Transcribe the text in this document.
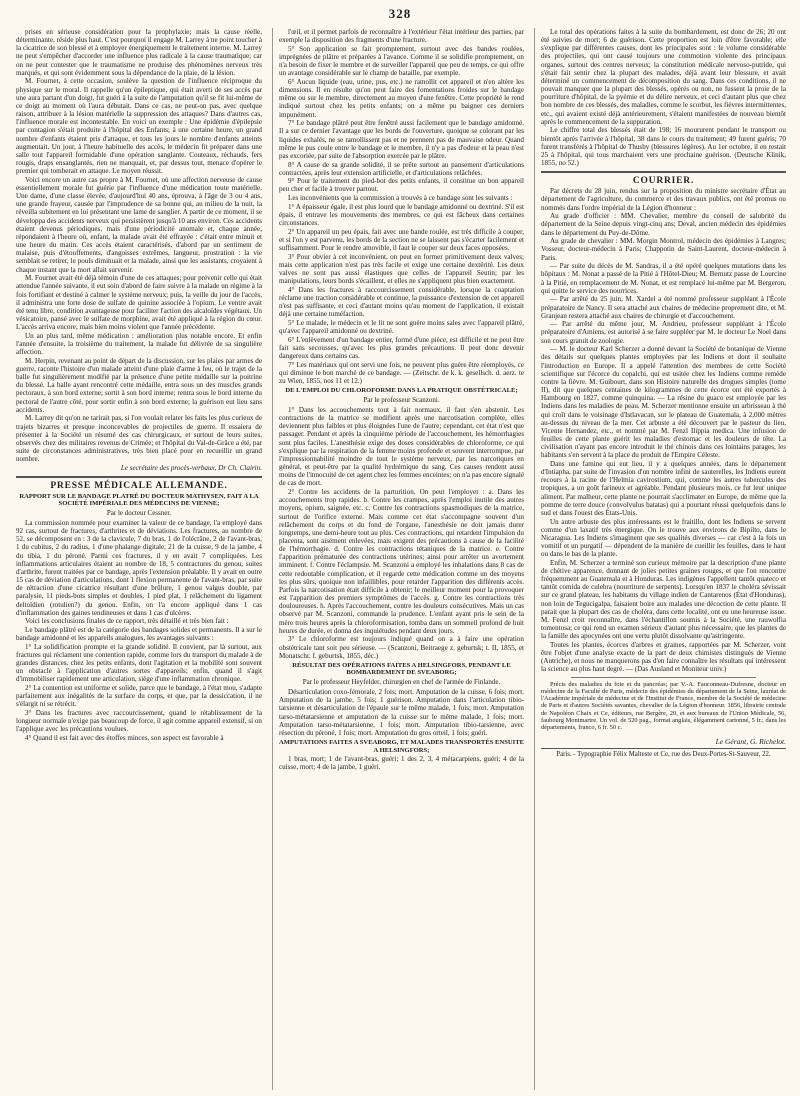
328

prises en sérieuse considération pour la prophylaxie; mais la cause réelle, déterminante, réside plus haut. C'est pourquoi il engage M. Larrey à ne point toucher à la cicatrice de son blessé et à employer énergiquement le traitement interne. M. Larrey ne peut s'empêcher d'accorder une influence plus radicale à la cause traumatique; car on ne peut contester que le traumatisme ne produise des phénomènes nerveux très marqués, et qui sont évidemment sous la dépendance de la plaie, de la lésion.

M. Fournet, à cette occasion, soulève la question de l'influence réciproque du physique sur le moral. Il rappelle qu'un épileptique, qui était averti de ses accès par une aura partant d'un doigt, fut guéri à la suite de l'amputation qu'il se fit lui-même de ce doigt au moment où l'aura débutait. Dans ce cas, ne peut-on pas, avec quelque raison, attribuer à la lésion matérielle la suppression des attaques? Dans d'autres cas, l'influence morale est incontestable. En voici un exemple : Une épidémie d'épilepsie par contagion s'était produite à l'hôpital des Enfants; à une certaine heure, un grand nombre d'enfants étaient pris d'attaque, et tous les jours le nombre d'enfants atteints augmentait. Un jour, à l'heure habituelle des accès, le médecin fit préparer dans une salle tout l'appareil formidable d'une opération sanglante. Couteaux, réchauds, fers rougis, draps ensanglantés, rien ne manquait, et, par dessus tout, menace d'opérer le premier qui tomberait en attaque. Le moyen réussit.

Voici encore un autre cas propre à M. Fournet, où une affection nerveuse de cause essentiellement morale fut guérie par l'influence d'une médication toute matérielle. Une dame, d'une classe élevée, d'aujourd'hui 40 ans, éprouva, à l'âge de 3 ou 4 ans, une grande frayeur, causée par l'imprudence de sa bonne qui, au milieu de la nuit, la réveilla subitement en lui présentant une lame de sanglier. A partir de ce moment, il se développa des accidents nerveux qui persistèrent jusqu'à 10 ans environ. Ces accidents étaient devenus périodiques, mais d'une périodicité anomale et, chaque année, répondaient à l'heure où, enfant, la malade avait été effrayée : c'était entre minuit et une heure du matin. Ces accès étaient caractérisés, d'abord par un sentiment de malaise, puis d'étouffements, d'angoisses extrêmes, langueur, prostration : la vie semblait se retirer, le pouls diminuait et la malade, ainsi que les assistants, croyaient à chaque instant que la mort allait survenir.

M. Fournet avait été déjà témoin d'une de ces attaques; pour prévenir celle qui était attendue l'année suivante, il eut soin d'abord de faire suivre à la malade un régime à la fois fortifiant et destiné à calmer le système nerveux; puis, la veille du jour de l'accès, il administra une forte dose de sulfate de quinine associée à l'opium. Le ventre avait été tenu libre, condition avantageuse pour faciliter l'action des alcaloïdes végétaux. Un vésicatoire, pansé avec le sulfate de morphine, avait été appliqué à la région du cœur. L'accès arriva encore, mais bien moins violent que l'année précédente.

Un an plus tard, même médication : amélioration plus notable encore. Et enfin l'année d'ensuite, la troisième du traitement, la malade fut délivrée de sa singulière affection.

M. Herpin, revenant au point de départ de la discussion, sur les plaies par armes de guerre, raconte l'histoire d'un malade atteint d'une plaie d'arme à feu, où le trajet de la balle fut singulièrement modifié par la présence d'une petite médaille sur la poitrine du blessé. La balle ayant rencontré cette médaille, entra sous un des muscles grands pectoraux, à son bord externe; sortit à son bord interne; rentra sous le bord interne du pectoral de l'autre côté, pour sortir enfin à son bord externe; la guérison eut lieu sans accidents.

M. Larrey dit qu'on ne tarirait pas, si l'on voulait relater les faits les plus curieux de trajets bizarres et presque inconcevables de projectiles de guerre. Il essaiera de présenter à la Société un résumé des cas chirurgicaux, et surtout de leurs suites, observés chez des militaires revenus de Crimée; et l'hôpital du Val-de-Grâce a été, par suite de circonstances administratives, très bien placé pour en recueillir un grand nombre.

Le secrétaire des procès-verbaux, Dr Ch. Clairin.

PRESSE MÉDICALE ALLEMANDE.
RAPPORT SUR LE BANDAGE PLATRÉ DU DOCTEUR MATHYSEN, FAIT A LA SOCIÉTÉ IMPÉRIALE DES MÉDECINS DE VIENNE;
Par le docteur Cessner.

La commission nommée pour examiner la valeur de ce bandage, l'a employé dans 92 cas, surtout de fractures, d'arthrites et de déviations. Les fractures, au nombre de 52, se décomposent en : 3 de la clavicule, 7 du bras, 1 de l'olécrâne, 2 de l'avant-bras, 1 du cubitus, 2 du radius, 1 d'une phalange digitale, 21 de la cuisse, 9 de la jambe, 4 du tibia, 1 du péroné. Parmi ces fractures, il y en avait 7 compliquées. Les inflammations articulaires étaient au nombre de 18, 5 contractures du genou, suites d'arthrite, furent traitées par ce bandage, après l'extension préalable. Il y avait en outre 15 cas de déviation d'articulations, dont 1 flexion permanente de l'avant-bras, par suite de rétraction d'une cicatrice résultant d'une brûlure, 1 genou valgus double, par paralysie, 11 pieds-bots simples et doubles, 1 pied plat, 1 relâchement du ligament deltoïdien (rotulien?) du genou. Enfin, on l'a encore appliqué dans 1 cas d'inflammation des gaines tendineuses et dans 1 cas d'ulcères.

Voici les conclusions finales de ce rapport, très détaillé et très bien fait :

Le bandage plâtré est de la catégorie des bandages solides et permanents. Il a sur le bandage amidonné et les appareils analogues, les avantages suivants :

1° La solidification prompte et la grande solidité. Il convient, par là surtout, aux fractures qui réclament une contention rapide, comme lors du transport du malade à de grandes distances, chez les petits enfants, dont l'agitation et la mobilité sont souvent un obstacle à l'application d'autres sortes d'appareils; enfin, quand il s'agit d'immobiliser rapidement une articulation, siège d'une inflammation chronique.

2° La contention est uniforme et solide, parce que le bandage, à l'état mou, s'adapte parfaitement aux inégalités de la surface du corps, et que, par la dessiccation, il ne s'élargit ni se rétrécit.

3° Dans les fractures avec raccourcissement, quand le rétablissement de la longueur normale n'exige pas beaucoup de force, il agit comme appareil extensif, si on l'applique avec les précautions voulues.

4° Quand il est fait avec des étoffes minces, son aspect est favorable à

l'œil, et il permet parfois de reconnaître à l'extérieur l'état intérieur des parties, par exemple la disposition des fragments d'une fracture.

5° Son application se fait promptement, surtout avec des bandes roulées, imprégnées de plâtre et préparées à l'avance. Comme il se solidifie promptement, on n'a besoin de fixer le membre et de surveiller l'appareil que peu de temps, ce qui offre un avantage considérable sur le champ de bataille, par exemple.

6° Aucun liquide (eau, urine, pus, etc.) ne ramollit cet appareil et n'en altère les dimensions. Il en résulte qu'on peut faire des fomentations froides sur le bandage même ou sur le membre, directement au moyen d'une fenêtre. Cette propriété le rend indiqué surtout chez les petits enfants; on a même pu baigner ces derniers impunément.

7° Le bandage plâtré peut être fenêtré aussi facilement que le bandage amidonné. Il a sur ce dernier l'avantage que les bords de l'ouverture, quoique se colorant par les liquides exhalés, ne se ramollissent pas et ne prennent pas de mauvaise odeur. Quand même le pus coule entre le bandage et le membre, il n'y a pas d'odeur et la peau n'est pas excoriée, par suite de l'absorption exercée par le plâtre.

8° A cause de sa grande solidité, il se prête surtout au pansement d'articulations contractées, après leur extension artificielle, et d'articulations relâchées.

9° Pour le traitement du pied-bot des petits enfants, il constitue un bon appareil peu cher et facile à trouver partout.

Les inconvénients que la commission a trouvés à ce bandage sont les suivants :

1° A épaisseur égale, il est plus lourd que le bandage amidonné ou dextriné. S'il est épais, il entrave les mouvements des membres, ce qui est fâcheux dans certaines circonstances.

2° Un appareil un peu épais, fait avec une bande roulée, est très difficile à couper, et si l'on y est parvenu, les bords de la section ne se laissent pas s'écarter facilement et suffisamment. Pour le rendre amovible, il faut le couper sur deux faces opposées.

3° Pour obvier à cet inconvénient, on peut en former primitivement deux valves; mais cette application n'est pas très facile et exige une certaine dextérité. Les deux valves ne sont pas aussi élastiques que celles de l'appareil Seutin; par les manipulations, leurs bords s'écaillent, et elles ne s'appliquent plus bien exactement.

4° Dans les fractures à raccourcissement considérable, lorsque la coaptation réclame une traction considérable et continue, la puissance d'extension de cet appareil n'est pas suffisante, et ceci d'autant moins qu'au moment de l'application, il existait déjà une certaine tuméfaction.

5° Le malade, le médecin et le lit ne sont guère moins sales avec l'appareil plâtré, qu'avec l'appareil amidonné ou dextriné.

6° L'enlèvement d'un bandage entier, formé d'une pièce, est difficile et ne peut être fait sans secousses, qu'avec les plus grandes précautions. Il peut donc devenir dangereux dans certains cas.

7° Les matériaux qui ont servi une fois, ne peuvent plus guère être réemployés, ce qui diminue le bon marché de ce bandage. — (Zeitschr. de k. k. gesellsch. d. aerz. te zu Wien, 1855, nos 11 et 12.)

DE L'EMPLOI DU CHLOROFORME DANS LA PRATIQUE OBSTÉTRICALE;
Par le professeur Scanzoni.

1° Dans les accouchements tout à fait normaux, il faut s'en abstenir. Les contractions de la matrice se modifient après une narcotisation complète, elles deviennent plus faibles et plus éloignées l'une de l'autre; cependant, cet état n'est que passager. Pendant et après la cinquième période de l'accouchement, les hémorrhagies sont plus faciles. L'anesthésie exige des doses considérables de chloroforme, ce qui s'explique par la respiration de la femme moins profonde et souvent interrompue, par l'impressionnabilité moindre de tout le système nerveux, par les narcotiques en général, et peut-être par la qualité hydrémique du sang. Ces causes rendent aussi moins de l'innocuité de cet agent chez les femmes enceintes; on n'a pas encore signalé de cas de mort.

2° Contre les accidents de la parturition. On peut l'employer : a. Dans les accouchements trop rapides. b. Contre les crampes, après l'emploi inutile des autres moyens, opium, saignée, etc. c. Contre les contractions spasmodiques de la matrice, surtout de l'orifice externe. Mais comme cet état s'accompagne souvent d'un relâchement du corps et du fond de l'organe, l'anesthésie ne doit jamais durer longtemps, une demi-heure tout au plus. Ces contractions, qui retardent l'impulsion du placenta, sont aisément enlevées, mais exigent des précautions à cause de la facilité de l'hémorrhagie. d. Contre les contractions tétaniques de la matrice. e. Contre l'apparition prématurée des contractions utérines; ainsi pour arrêter un avortement imminent. f. Contre l'éclampsie. M. Scanzoni a employé les inhalations dans 8 cas de cette redoutable complication, et il regarde cette médication comme un des moyens les plus sûrs, quoique non infaillibles, pour retarder l'apparition des différents accès. Parfois la narcotisation était difficile à obtenir; le meilleur moment pour la provoquer est l'apparition des premiers symptômes de l'accès. g. Contre les contractions très douloureuses. h. Après l'accouchement, contre les douleurs consécutives. Mais un cas observé par M. Scanzoni, commande la prudence. L'enfant ayant pris le sein de la mère trois heures après la chloroformisation, tomba dans un sommeil profond de huit heures de durée, et donna des inquiétudes pendant deux jours.

3° Le chloroforme est toujours indiqué quand on a à faire une opération obstétricale tant soit peu sérieuse. — (Scanzoni, Beitraege z. geburtsk; t. II, 1855, et Monatschr. f. geburtsk, 1855, déc.)

RÉSULTAT DES OPÉRATIONS FAITES A HELSINGFORS, PENDANT LE BOMBARDEMENT DE SVEABORG;
Par le professeur Heyfelder, chirurgien en chef de l'armée de Finlande.

Désarticulation coxo-fémorale, 2 fois; mort. Amputation de la cuisse, 6 fois; mort. Amputation de la jambe, 5 fois; 1 guérison. Amputation dans l'articulation tibio-tarsienne et désarticulation de l'épaule sur le même malade, 1 fois; mort. Amputation tarso-métatarsienne et amputation de la cuisse sur le même malade, 1 fois; mort. Amputation tarso-métatarsienne, 1 fois; mort. Amputation tibio-tarsienne, avec résection du péroné, 1 fois; mort. Amputation du gros orteil, 1 fois; guéri.

AMPUTATIONS FAITES A SVEABORG, ET MALADES TRANSPORTÉS ENSUITE A HELSINGFORS;

1 bras, mort; 1 de l'avant-bras, guéri; 1 des 2, 3, 4 métacarpiens, guéri; 4 de la cuisse, mort; 4 de la jambe, 1 guéri.

Le total des opérations faites à la suite du bombardement, est donc de 26; 20 ont été suivies de mort; 6 de guérison. Cette proportion est loin d'être favorable; elle s'explique par différentes causes, dont les principales sont : le volume considérable des projectiles, qui ont causé toujours une commotion violente des principaux organes, surtout des centres nerveux; la constitution médicale nervoso-putride, qui s'était fait sentir chez la plupart des malades, déjà avant leur blessure, et avait déterminé un commencement de décomposition du sang. Dans ces conditions, il ne pouvait manquer que la plupart des blessés, opérés ou non, ne fussent la proie de la pourriture d'hôpital, de la pyémie et du délire nerveux, et ceci d'autant plus que chez bon nombre de ces blessés, des maladies, comme le scorbut, les fièvres intermittentes, etc., qui avaient existé déjà antérieurement, s'étaient manifestées de nouveau bientôt après le commencement de la suppuration.

Le chiffre total des blessés était de 198; 16 moururent pendant le transport ou bientôt après l'arrivée à l'hôpital, 38 dans le cours du traitement; 49 furent guéris; 70 furent transférés à l'hôpital de Thusby (blessures légères). Au 1er octobre, il en restait 25 à l'hôpital, qui tous marchaient vers une prochaine guérison. (Deutsche Klinik, 1855, no 52.)

COURRIER.

Par décrets du 28 juin, rendus sur la proposition du ministre secrétaire d'État au département de l'agriculture, du commerce et des travaux publics, ont été promus ou nommés dans l'ordre impérial de la Légion d'honneur :

Au grade d'officier : MM. Chevalier, membre du conseil de salubrité du département de la Seine depuis vingt-cinq ans; Deval, ancien médecin des épidémies dans le département du Puy-de-Dôme.

Au grade de chevalier : MM. Morgin Montrol, médecin des épidémies à Langres; Vosseur, docteur-médecin à Paris; Chappotin de Saint-Laurent, docteur-médecin à Paris.

— Par suite du décès de M. Sandras, il a été opéré quelques mutations dans les hôpitaux : M. Nonat a passé de la Pitié à l'Hôtel-Dieu; M. Bernutz passe de Lourcine à la Pitié, en remplacement de M. Nonat, et est remplacé lui-même par M. Bergeron, qui quitte le service des nourrices.

— Par arrêté du 25 juin, M. Xardel a été nommé professeur suppléant à l'École préparatoire de Nancy. Il sera attaché aux chaires de médecine proprement dite, et M. Granjean restera attaché aux chaires de chirurgie et d'accouchement.

— Par arrêté du même jour, M. Andrieu, professeur suppléant à l'École préparatoire d'Amiens, est autorisé à se faire suppléer par M. le docteur Le Noel dans son cours gratuit de zoologie.

— M. le docteur Karl Scherzer a donné devant la Société de botanique de Vienne des détails sur quelques plantes employées par les Indiens et dont il souhaite l'introduction en Europe. Il a appelé l'attention des membres de cette Société scientifique sur l'écorce du copalchi, qui est usitée chez les Indiens comme remède contre la fièvre. M. Guibourt, dans son Histoire naturelle des drogues simples (tome II), dit que quelques centaines de kilogrammes de cette écorce ont été exportés à Hambourg en 1827, comme quinquina. — La résine du guaco est employée par les Indiens dans les maladies de peau. M. Scherzer mentionne ensuite un arbrisseau à thé qui croît dans le voisinage d'Istlavacan, sur le plateau de Guatemala, à 2,000 mètres au-dessus du niveau de la mer. Cet arbuste a été découvert par le pasteur du lieu, Vicente Hernandez, etc., et nommé par M. Fenzl Ilippia medica. Une infusion de feuilles de cette plante guérit les maladies d'estomac et les douleurs de tête. La civilisation n'ayant pas encore introduit le thé chinois dans ces lointains parages, les habitants s'en servent à la place du produit de l'Empire Céleste.

Dans une famine qui eut lieu, il y a quelques années, dans le département d'Intiapha, par suite de l'invasion d'un nombre infini de sauterelles, les Indiens eurent recours à la racine de l'Helmia cavirostium, qui, comme les autres tubercules des tropiques, a un goût farineux et agréable. Pendant plusieurs mois, ce fut leur unique aliment. Par malheur, cette plante ne pourrait s'acclimater en Europe, de même que la pomme de terre douce (convolvulus batatas) qui a pourtant réussi quelquefois dans le sud et dans l'ouest des États-Unis.

Un autre arbuste des plus intéressants est le fraitillo, dont les Indiens se servent comme d'un laxatif très énergique. On le trouve aux environs de Bipilto, dans le Nicaragua. Les Indiens s'imaginent que ses qualités diverses — car c'est à la fois un vomitif et un purgatif — dépendent de la manière de cueillir les feuilles, dans le haut ou dans le bas de la plante.

Enfin, M. Scherzer a terminé son curieux mémoire par la description d'une plante de chétive apparence, donnant de jolies petites graines rouges, et que l'on rencontre fréquemment au Guatemala et à Honduras. Les indigènes l'appellent tantôt quateco et tantôt comida de culebra (nourriture de serpents). Lorsqu'en 1837 le choléra sévissait sur ce grand plateau, les habitants du village indien de Cantarenos (État d'Honduras), non loin de Tegucigalpa, faisaient boire aux malades une décoction de cette plante. Il parait que la plupart des cas de choléra, dans cette localité, ont eu une heureuse issue. M. Fenzl croit reconnaître, dans l'échantillon soumis à la Société, une rauwolfia tomentosa; ce qui rend un examen sérieux d'autant plus nécessaire, que les plantes de la famille des apocynées ont une vertu plutôt dissolvante qu'astringente.

Toutes les plantes, écorces d'arbres et graines, rapportées par M. Scherzer, vont être l'objet d'une analyse exacte de la part de deux chimistes distingués de Vienne (Autriche), et nous ne manquerons pas d'en faire connaître les résultats qui intéressent la science au plus haut degré. — (Das Ausland et Moniteur univ.)

Précis des maladies du foie et du pancréas; par V.-A. Fauconneau-Dufresne, docteur en médecine de la Faculté de Paris, médecin des épidémies du département de la Seine, lauréat de l'Académie impériale de médecine et de l'Institut de France, membre de la Société de médecine de Paris et d'autres Sociétés savantes, chevalier de la Légion d'honneur. 1856, librairie centrale de Napoléon Chaix et Ce, éditeurs, rue Bergère, 20, et aux bureaux de l'Union Médicale, 56, faubourg Montmartre. Un vol. de 520 pag., format anglais, élégamment cartonné, 5 fr.; dans les départements, franco, 6 fr. 50 c.

Le Gérant, G. Richelot.
Paris. - Typographie Félix Malteste et Ce, rue des Deux-Portes-St-Sauveur, 22.
